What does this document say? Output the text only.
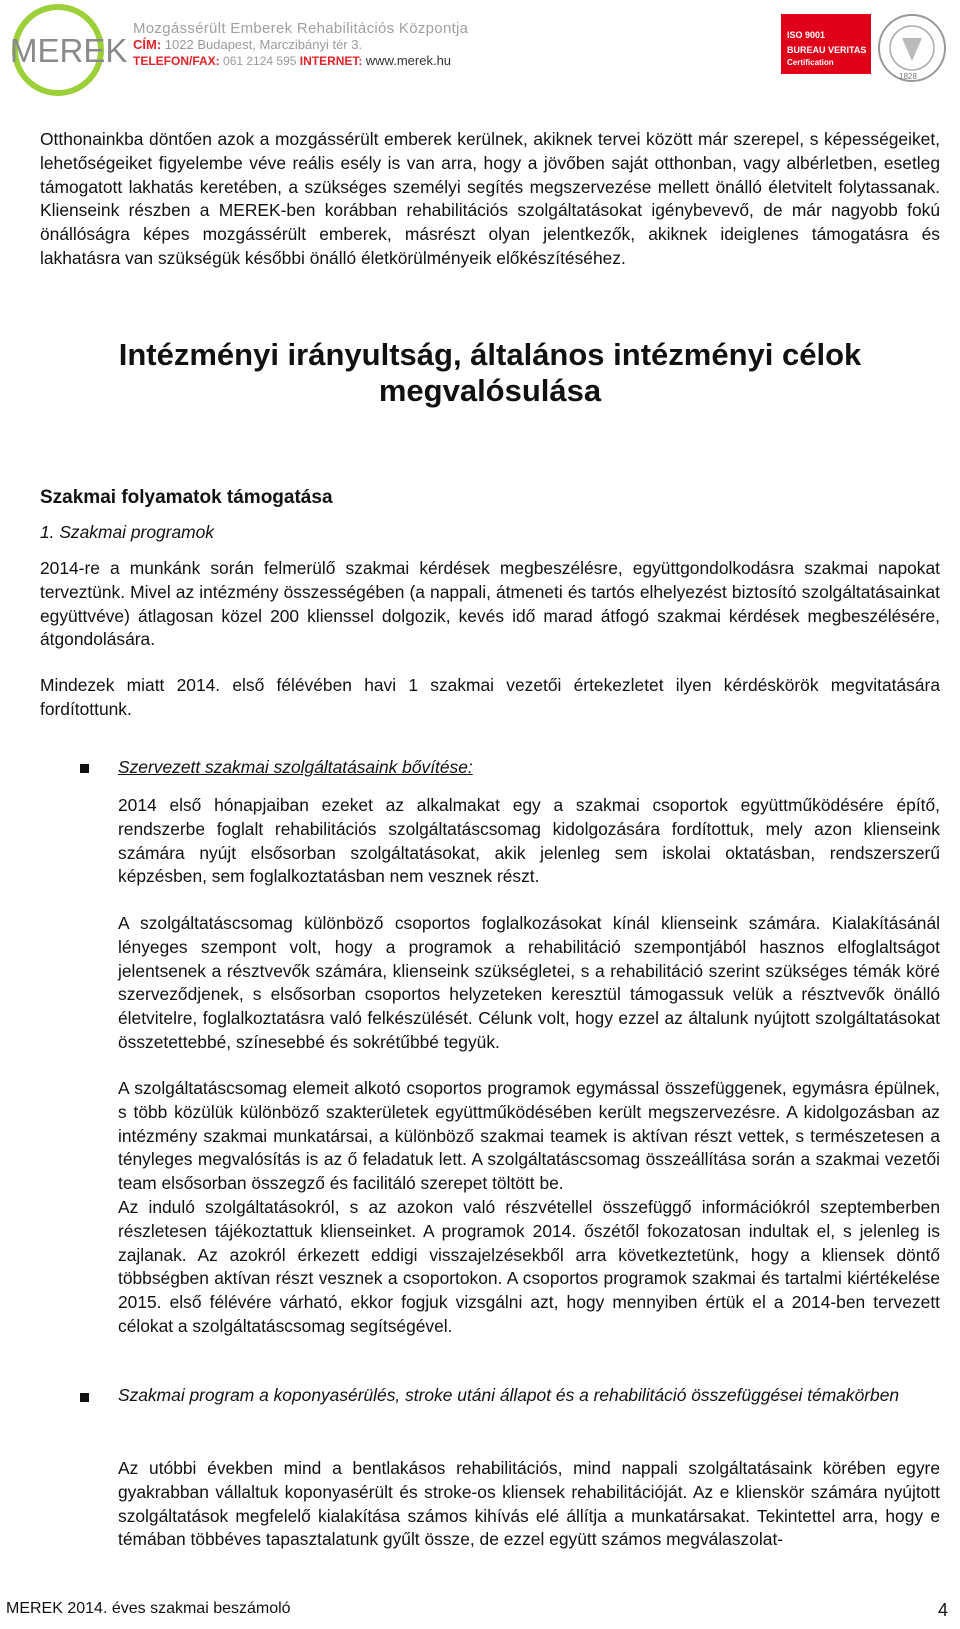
MEREK
Mozgássérült Emberek Rehabilitációs Központja
CÍM: 1022 Budapest, Marczibányi tér 3.
TELEFON/FAX: 061 2124 595 INTERNET: www.merek.hu
ISO 9001
BUREAU VERITAS
Certification
1828
Otthonainkba döntően azok a mozgássérült emberek kerülnek, akiknek tervei között már szerepel, s képességeiket, lehetőségeiket figyelembe véve reális esély is van arra, hogy a jövőben saját otthonban, vagy albérletben, esetleg támogatott lakhatás keretében, a szükséges személyi segítés megszervezése mellett önálló életvitelt folytassanak. Klienseink részben a MEREK-ben korábban rehabilitációs szolgáltatásokat igénybevevő, de már nagyobb fokú önállóságra képes mozgássérült emberek, másrészt olyan jelentkezők, akiknek ideiglenes támogatásra és lakhatásra van szükségük későbbi önálló életkörülményeik előkészítéséhez.
Intézményi irányultság, általános intézményi célok
megvalósulása
Szakmai folyamatok támogatása
1. Szakmai programok
2014-re a munkánk során felmerülő szakmai kérdések megbeszélésre, együttgondolkodásra szakmai napokat terveztünk. Mivel az intézmény összességében (a nappali, átmeneti és tartós elhelyezést biztosító szolgáltatásainkat együttvéve) átlagosan közel 200 klienssel dolgozik, kevés idő marad átfogó szakmai kérdések megbeszélésére, átgondolására.
Mindezek miatt 2014. első félévében havi 1 szakmai vezetői értekezletet ilyen kérdéskörök megvitatására fordítottunk.
Szervezett szakmai szolgáltatásaink bővítése:
2014 első hónapjaiban ezeket az alkalmakat egy a szakmai csoportok együttműködésére építő, rendszerbe foglalt rehabilitációs szolgáltatáscsomag kidolgozására fordítottuk, mely azon klienseink számára nyújt elsősorban szolgáltatásokat, akik jelenleg sem iskolai oktatásban, rendszerszerű képzésben, sem foglalkoztatásban nem vesznek részt.
A szolgáltatáscsomag különböző csoportos foglalkozásokat kínál klienseink számára. Kialakításánál lényeges szempont volt, hogy a programok a rehabilitáció szempontjából hasznos elfoglaltságot jelentsenek a résztvevők számára, klienseink szükségletei, s a rehabilitáció szerint szükséges témák köré szerveződjenek, s elsősorban csoportos helyzeteken keresztül támogassuk velük a résztvevők önálló életvitelre, foglalkoztatásra való felkészülését. Célunk volt, hogy ezzel az általunk nyújtott szolgáltatásokat összetettebbé, színesebbé és sokrétűbbé tegyük.
A szolgáltatáscsomag elemeit alkotó csoportos programok egymással összefüggenek, egymásra épülnek, s több közülük különböző szakterületek együttműködésében került megszervezésre. A kidolgozásban az intézmény szakmai munkatársai, a különböző szakmai teamek is aktívan részt vettek, s természetesen a tényleges megvalósítás is az ő feladatuk lett. A szolgáltatáscsomag összeállítása során a szakmai vezetői team elsősorban összegző és facilitáló szerepet töltött be.
Az induló szolgáltatásokról, s az azokon való részvétellel összefüggő információkról szeptemberben részletesen tájékoztattuk klienseinket. A programok 2014. őszétől fokozatosan indultak el, s jelenleg is zajlanak. Az azokról érkezett eddigi visszajelzésekből arra következtetünk, hogy a kliensek döntő többségben aktívan részt vesznek a csoportokon. A csoportos programok szakmai és tartalmi kiértékelése 2015. első félévére várható, ekkor fogjuk vizsgálni azt, hogy mennyiben értük el a 2014-ben tervezett célokat a szolgáltatáscsomag segítségével.
Szakmai program a koponyasérülés, stroke utáni állapot és a rehabilitáció összefüggései témakörben
Az utóbbi években mind a bentlakásos rehabilitációs, mind nappali szolgáltatásaink körében egyre gyakrabban vállaltuk koponyasérült és stroke-os kliensek rehabilitációját. Az e klienskör számára nyújtott szolgáltatások megfelelő kialakítása számos kihívás elé állítja a munkatársakat. Tekintettel arra, hogy e témában többéves tapasztalatunk gyűlt össze, de ezzel együtt számos megválaszolat-
MEREK 2014. éves szakmai beszámoló	4
